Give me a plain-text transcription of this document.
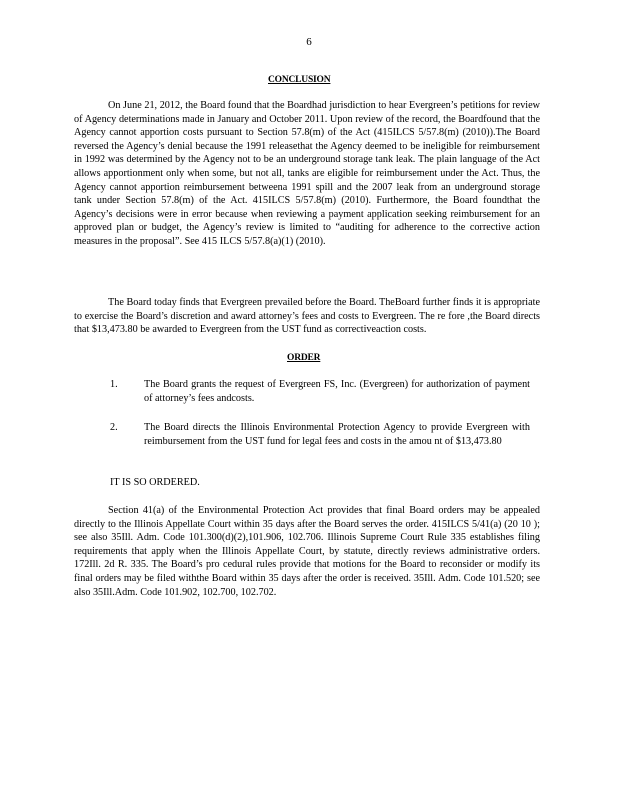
6
CONCLUSION

On June 21, 2012, the Board found that the Boardhad jurisdiction to hear Evergreen’s petitions for review of Agency determinations made in January and October 2011. Upon review of the record, the Boardfound that the Agency cannot apportion costs pursuant to Section 57.8(m) of the Act (415ILCS 5/57.8(m) (2010)).The Board reversed the Agency’s denial because the 1991 releasethat the Agency deemed to be ineligible for reimbursement in 1992 was determined by the Agency not to be an underground storage tank leak. The plain language of the Act allows apportionment only when some, but not all, tanks are eligible for reimbursement under the Act. Thus, the Agency cannot apportion reimbursement betweena 1991 spill and the 2007 leak from an underground storage tank under Section 57.8(m) of the Act. 415ILCS 5/57.8(m) (2010). Furthermore, the Board foundthat the Agency’s decisions were in error because when reviewing a payment application seeking reimbursement for an approved plan or budget, the Agency’s review is limited to “auditing for adherence to the corrective action measures in the proposal”. See 415 ILCS 5/57.8(a)(1) (2010).

The Board today finds that Evergreen prevailed before the Board. TheBoard further finds it is appropriate to exercise the Board’s discretion and award attorney’s fees and costs to Evergreen. The re fore ,the Board directs that $13,473.80 be awarded to Evergreen from the UST fund as correctiveaction costs.

ORDER
1.	The Board grants the request of Evergreen FS, Inc. (Evergreen) for authorization of payment of attorney’s fees andcosts.
2.	The Board directs the Illinois Environmental Protection Agency to provide Evergreen with reimbursement from the UST fund for legal fees and costs in the amou nt of $13,473.80
IT IS SO ORDERED.

Section 41(a) of the Environmental Protection Act provides that final Board orders may be appealed directly to the Illinois Appellate Court within 35 days after the Board serves the order. 415ILCS 5/41(a) (20 10 ); see also 35Ill. Adm. Code 101.300(d)(2),101.906, 102.706. Illinois Supreme Court Rule 335 establishes filing requirements that apply when the Illinois Appellate Court, by statute, directly reviews administrative orders. 172Ill. 2d R. 335. The Board’s pro cedural rules provide that motions for the Board to reconsider or modify its final orders may be filed withthe Board within 35 days after the order is received. 35Ill. Adm. Code 101.520; see also 35Ill.Adm. Code 101.902, 102.700, 102.702.
